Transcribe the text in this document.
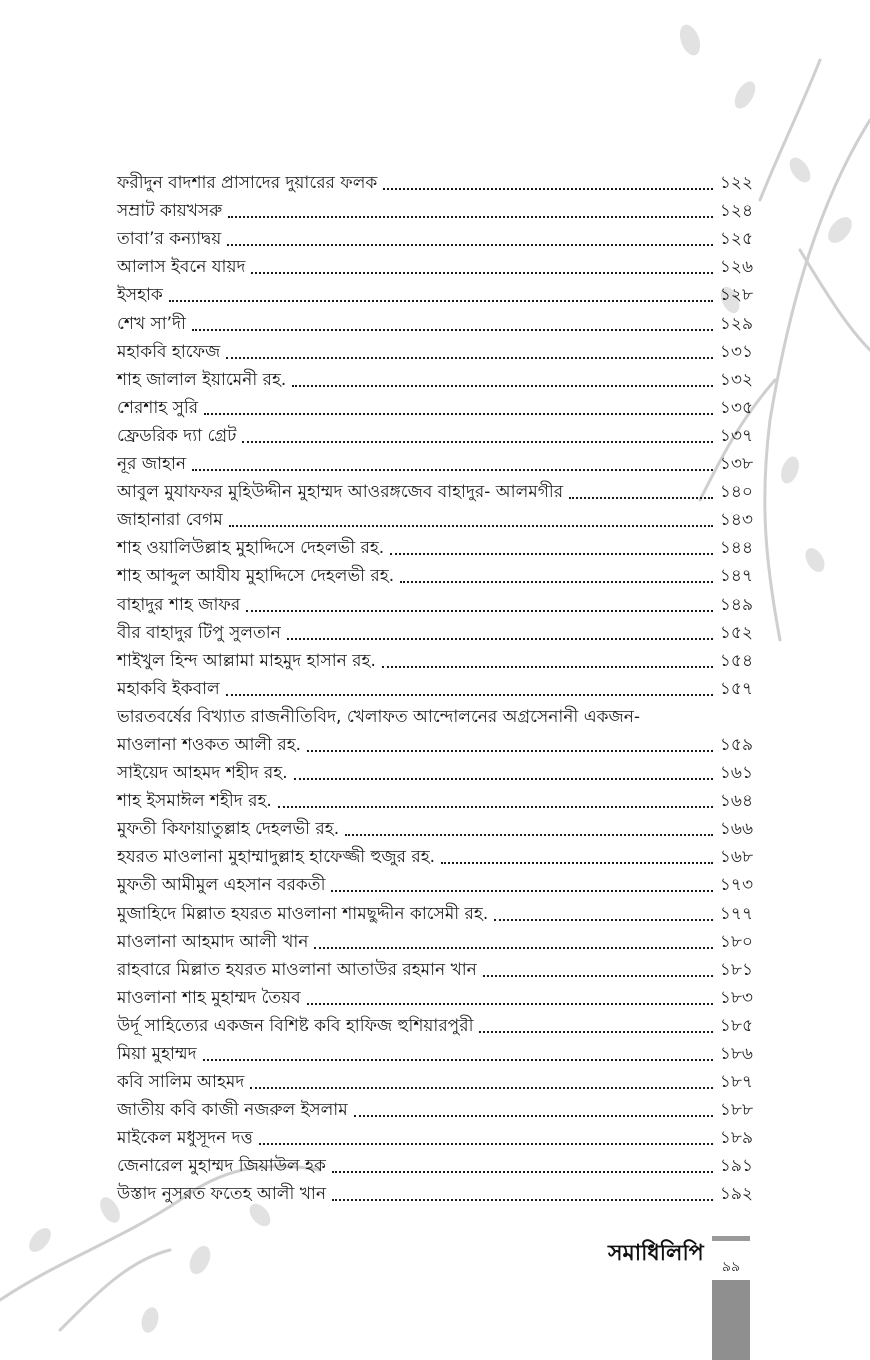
ফরীদুন বাদশার প্রাসাদের দুয়ারের ফলক	১২২
সম্রাট কায়খসরু	১২৪
তাবা’র কন্যাদ্বয়	১২৫
আলাস ইবনে যায়দ	১২৬
ইসহাক	১২৮
শেখ সা’দী	১২৯
মহাকবি হাফেজ	১৩১
শাহ জালাল ইয়ামেনী রহ.	১৩২
শেরশাহ সুরি	১৩৫
ফ্রেডরিক দ্যা গ্রেট	১৩৭
নূর জাহান	১৩৮
আবুল মুযাফফর মুহিউদ্দীন মুহাম্মদ আওরঙ্গজেব বাহাদুর- আলমগীর	১৪০
জাহানারা বেগম	১৪৩
শাহ ওয়ালিউল্লাহ মুহাদ্দিসে দেহলভী রহ.	১৪৪
শাহ আব্দুল আযীয মুহাদ্দিসে দেহলভী রহ.	১৪৭
বাহাদুর শাহ জাফর	১৪৯
বীর বাহাদুর টিপু সুলতান	১৫২
শাইখুল হিন্দ আল্লামা মাহমুদ হাসান রহ.	১৫৪
মহাকবি ইকবাল	১৫৭
ভারতবর্ষের বিখ্যাত রাজনীতিবিদ, খেলাফত আন্দোলনের অগ্রসেনানী একজন-
মাওলানা শওকত আলী রহ.	১৫৯
সাইয়েদ আহমদ শহীদ রহ.	১৬১
শাহ ইসমাঈল শহীদ রহ.	১৬৪
মুফতী কিফায়াতুল্লাহ দেহলভী রহ.	১৬৬
হযরত মাওলানা মুহাম্মাদুল্লাহ হাফেজ্জী হুজুর রহ.	১৬৮
মুফতী আমীমুল এহসান বরকতী	১৭৩
মুজাহিদে মিল্লাত হযরত মাওলানা শামছুদ্দীন কাসেমী রহ.	১৭৭
মাওলানা আহমাদ আলী খান	১৮০
রাহবারে মিল্লাত হযরত মাওলানা আতাউর রহমান খান	১৮১
মাওলানা শাহ মুহাম্মদ তৈয়ব	১৮৩
উর্দূ সাহিত্যের একজন বিশিষ্ট কবি হাফিজ হুশিয়ারপুরী	১৮৫
মিয়া মুহাম্মদ	১৮৬
কবি সালিম আহমদ	১৮৭
জাতীয় কবি কাজী নজরুল ইসলাম	১৮৮
মাইকেল মধুসূদন দত্ত	১৮৯
জেনারেল মুহাম্মদ জিয়াউল হক	১৯১
উস্তাদ নুসরত ফতেহ আলী খান	১৯২
সমাধিলিপি
৯৯
